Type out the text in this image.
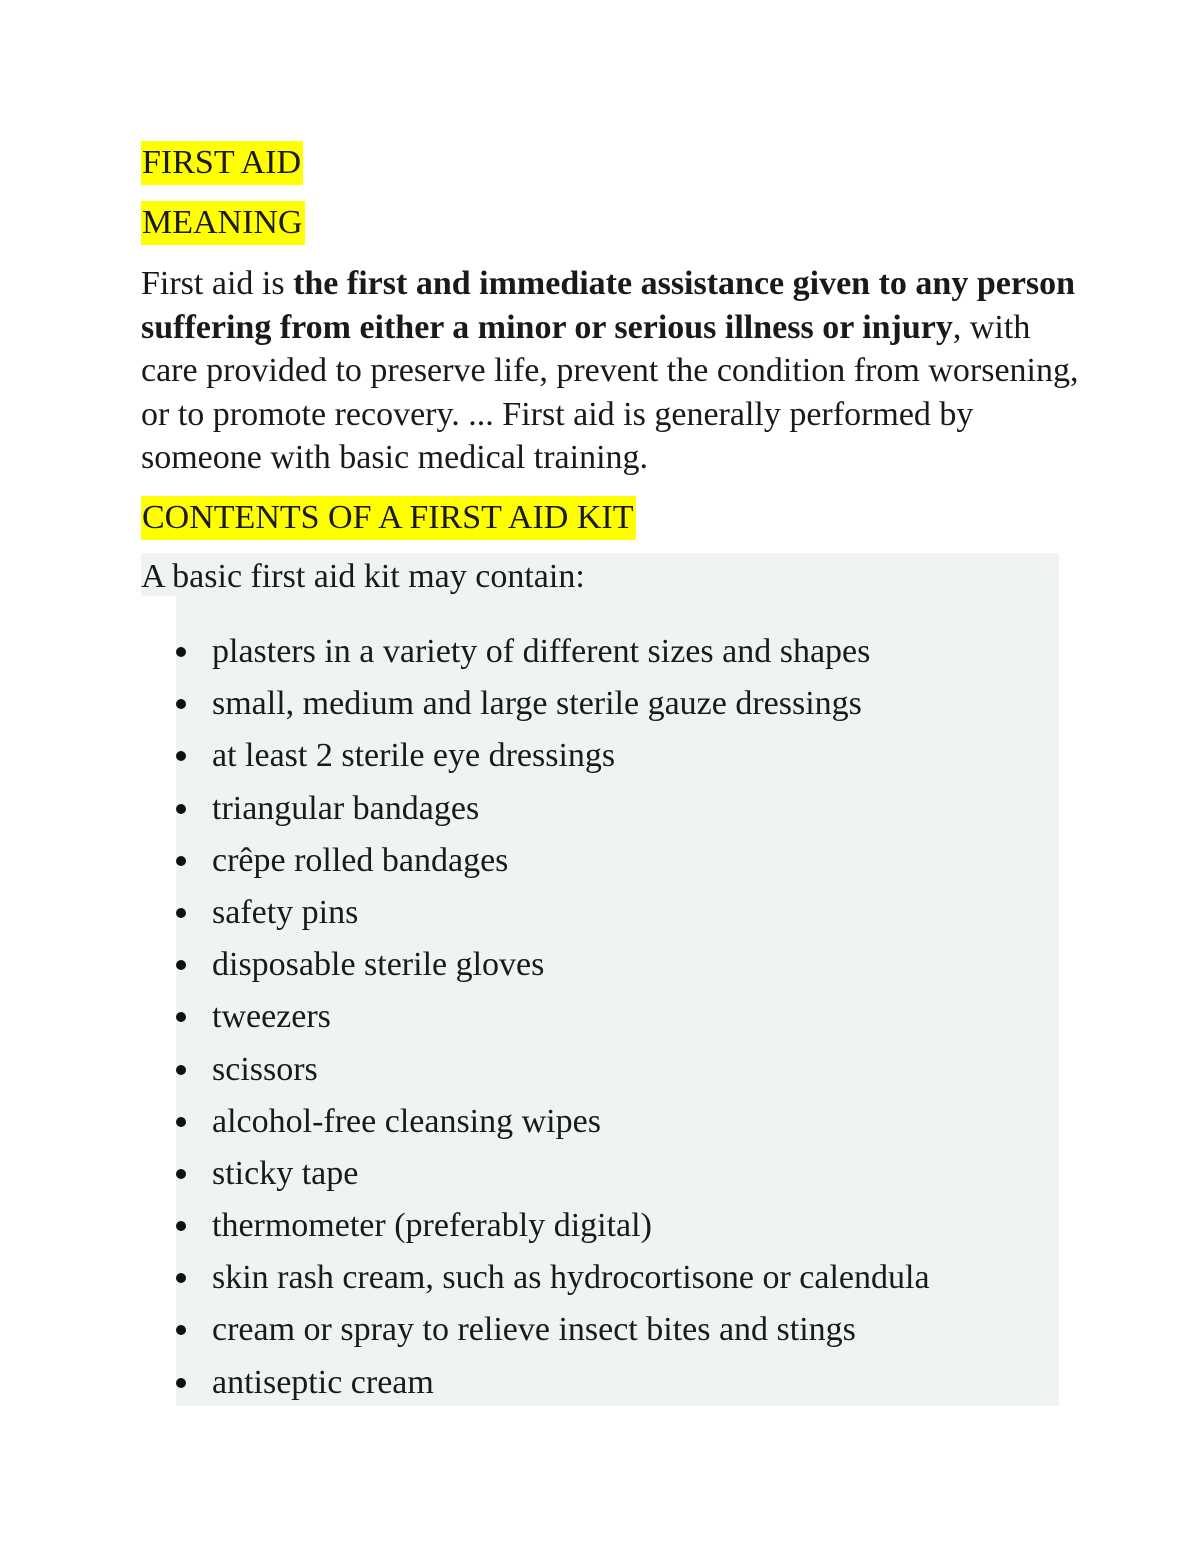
FIRST AID
MEANING
First aid is the first and immediate assistance given to any person suffering from either a minor or serious illness or injury, with care provided to preserve life, prevent the condition from worsening, or to promote recovery. ... First aid is generally performed by someone with basic medical training.
CONTENTS OF A FIRST AID KIT
A basic first aid kit may contain:
plasters in a variety of different sizes and shapes
small, medium and large sterile gauze dressings
at least 2 sterile eye dressings
triangular bandages
crêpe rolled bandages
safety pins
disposable sterile gloves
tweezers
scissors
alcohol-free cleansing wipes
sticky tape
thermometer (preferably digital)
skin rash cream, such as hydrocortisone or calendula
cream or spray to relieve insect bites and stings
antiseptic cream
